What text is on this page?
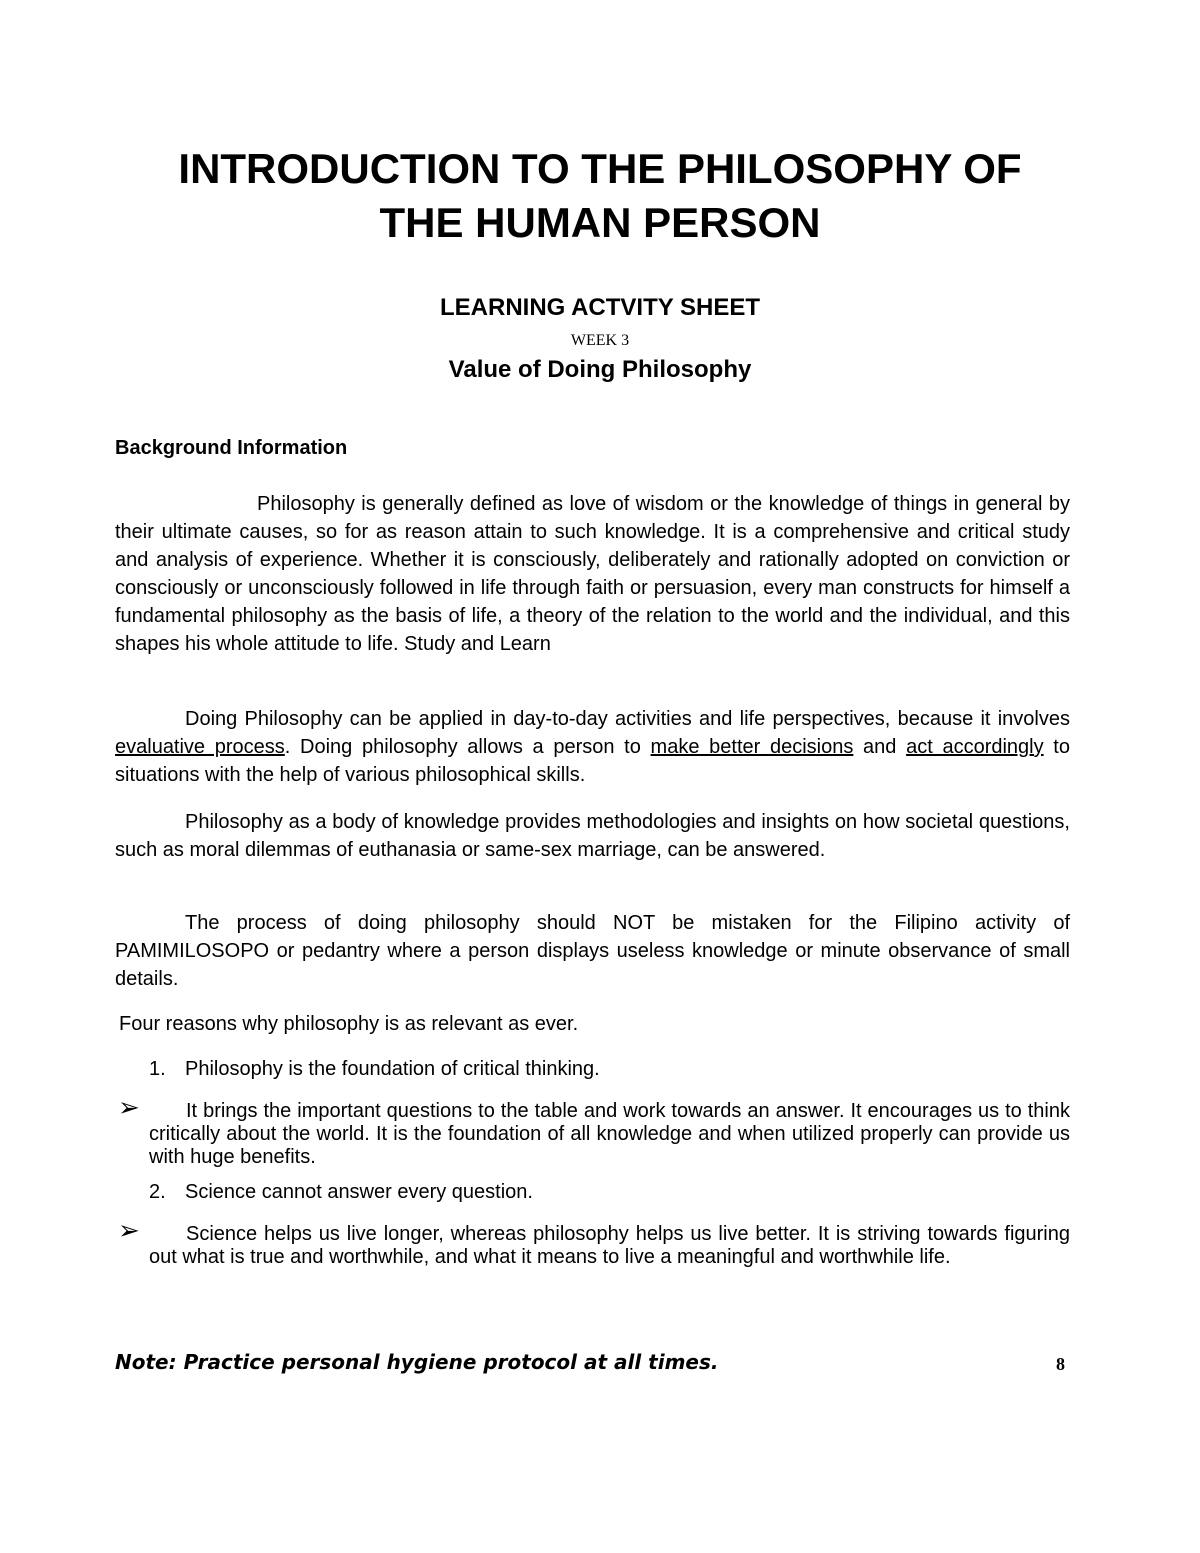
INTRODUCTION TO THE PHILOSOPHY OF
THE HUMAN PERSON

LEARNING ACTVITY SHEET

WEEK 3

Value of Doing Philosophy

Background Information

Philosophy is generally defined as love of wisdom or the knowledge of things in general by their ultimate causes, so for as reason attain to such knowledge. It is a comprehensive and critical study and analysis of experience. Whether it is consciously, deliberately and rationally adopted on conviction or consciously or unconsciously followed in life through faith or persuasion, every man constructs for himself a fundamental philosophy as the basis of life, a theory of the relation to the world and the individual, and this shapes his whole attitude to life. Study and Learn

Doing Philosophy can be applied in day-to-day activities and life perspectives, because it involves evaluative process. Doing philosophy allows a person to make better decisions and act accordingly to situations with the help of various philosophical skills.

Philosophy as a body of knowledge provides methodologies and insights on how societal questions, such as moral dilemmas of euthanasia or same-sex marriage, can be answered.

The process of doing philosophy should NOT be mistaken for the Filipino activity of PAMIMILOSOPO or pedantry where a person displays useless knowledge or minute observance of small details.

Four reasons why philosophy is as relevant as ever.

1. Philosophy is the foundation of critical thinking.

➢	It brings the important questions to the table and work towards an answer. It encourages us to think critically about the world. It is the foundation of all knowledge and when utilized properly can provide us with huge benefits.

2. Science cannot answer every question.

➢	Science helps us live longer, whereas philosophy helps us live better. It is striving towards figuring out what is true and worthwhile, and what it means to live a meaningful and worthwhile life.

Note: Practice personal hygiene protocol at all times.	8
